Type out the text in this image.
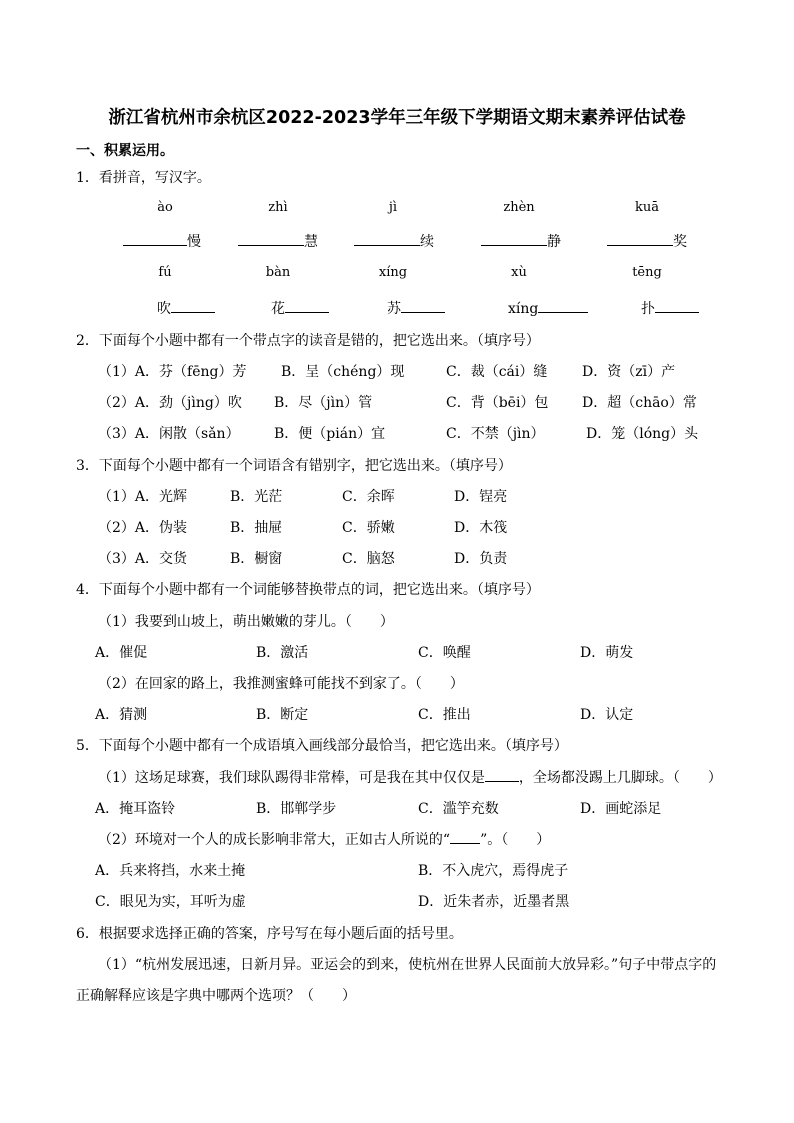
浙江省杭州市余杭区2022-2023学年三年级下学期语文期末素养评估试卷
一、积累运用。
1．看拼音，写汉字。
ào	zhì	jì	zhèn	kuā
慢	慧	续	静	奖
fú	bàn	xíng	xù	tēng
吹	花	苏	xíng	扑
2．下面每个小题中都有一个带点字的读音是错的，把它选出来。（填序号）
（1）A．芬（fēng）芳 B．呈（chéng）现	C．裁（cái）缝 D．资（zī）产
（2）A．劲（jìng）吹 B．尽（jìn）管	C．背（bēi）包 D．超（chāo）常
（3）A．闲散（sǎn） B．便（pián）宜	C．不禁（jìn）	D．笼（lóng）头
3．下面每个小题中都有一个词语含有错别字，把它选出来。（填序号）
（1）A．光辉	B．光茫	C．余晖	D．锃亮
（2）A．伪装	B．抽屉	C．骄嫩	D．木筏
（3）A．交货	B．橱窗	C．脑怒	D．负责
4．下面每个小题中都有一个词能够替换带点的词，把它选出来。（填序号）
（1）我要到山坡上，萌出嫩嫩的芽儿。（　　）
A．催促	B．激活	C．唤醒	D．萌发
（2）在回家的路上，我推测蜜蜂可能找不到家了。（　　）
A．猜测	B．断定	C．推出	D．认定
5．下面每个小题中都有一个成语填入画线部分最恰当，把它选出来。（填序号）
（1）这场足球赛，我们球队踢得非常棒，可是我在其中仅仅是 ，全场都没踢上几脚球。（　　）
A．掩耳盗铃	B．邯郸学步	C．滥竽充数	D．画蛇添足
（2）环境对一个人的成长影响非常大，正如古人所说的“ ”。（　　）
A．兵来将挡，水来土掩	B．不入虎穴，焉得虎子
C．眼见为实，耳听为虚	D．近朱者赤，近墨者黑
6．根据要求选择正确的答案，序号写在每小题后面的括号里。
（1）“杭州发展迅速，日新月异。亚运会的到来，使杭州在世界人民面前大放异彩。”句子中带点字的
正确解释应该是字典中哪两个选项？（　　）
